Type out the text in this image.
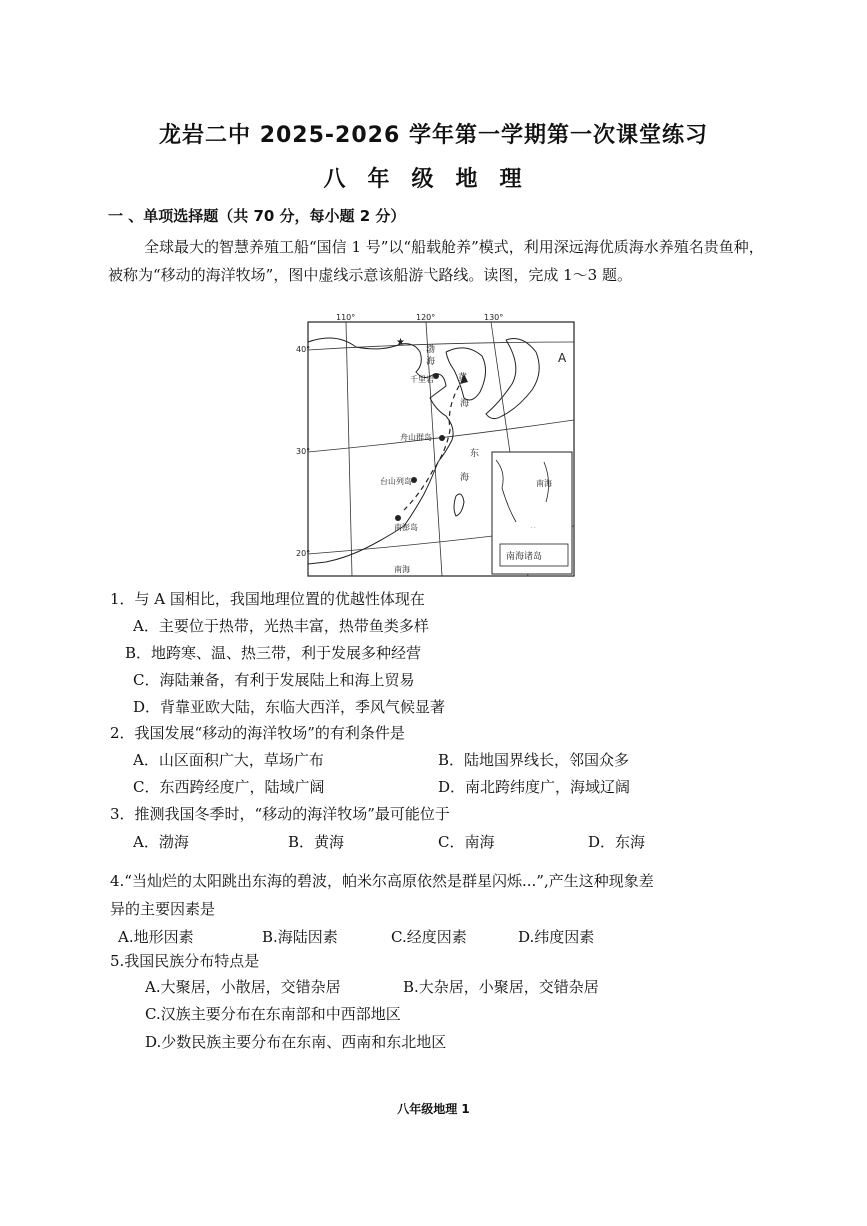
龙岩二中 2025-2026 学年第一学期第一次课堂练习
八年级地理
一 、单项选择题（共 70 分，每小题 2 分）
全球最大的智慧养殖工船“国信 1 号”以“船载舱养”模式，利用深远海优质海水养殖名贵鱼种，被称为“移动的海洋牧场”，图中虚线示意该船游弋路线。读图，完成 1～3 题。
★
· ·
110°	120°	130°
40°
30°
20°
渤
海
黄
海
东
海
南海
千里岩
舟山群岛
台山列岛
南澎岛
A
南海
南海诸岛
1．与 A 国相比，我国地理位置的优越性体现在
A．主要位于热带，光热丰富，热带鱼类多样
B．地跨寒、温、热三带，利于发展多种经营
C．海陆兼备，有利于发展陆上和海上贸易
D．背靠亚欧大陆，东临大西洋，季风气候显著
2．我国发展“移动的海洋牧场”的有利条件是
A．山区面积广大，草场广布	B．陆地国界线长，邻国众多
C．东西跨经度广，陆域广阔	D．南北跨纬度广，海域辽阔
3．推测我国冬季时，“移动的海洋牧场”最可能位于
A．渤海	B．黄海	C．南海	D．东海
4.“当灿烂的太阳跳出东海的碧波，帕米尔高原依然是群星闪烁...”,产生这种现象差
异的主要因素是
A.地形因素	B.海陆因素	C.经度因素	D.纬度因素
5.我国民族分布特点是
A.大聚居，小散居，交错杂居	B.大杂居，小聚居，交错杂居
C.汉族主要分布在东南部和中西部地区
D.少数民族主要分布在东南、西南和东北地区
八年级地理 1
